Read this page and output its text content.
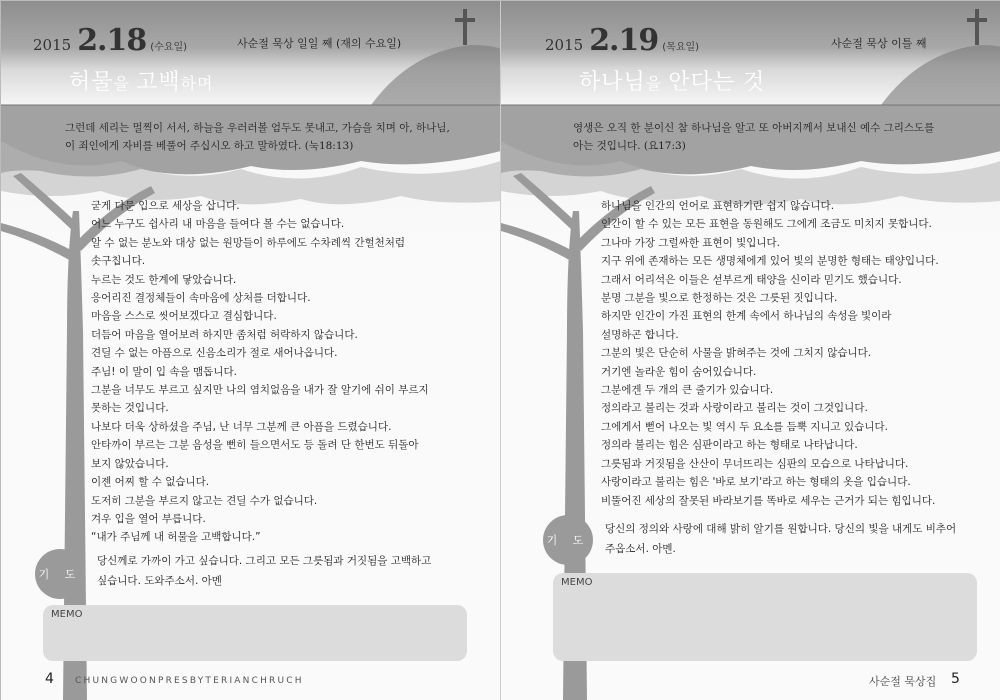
2015 2.18 (수요일)	사순절 묵상 일일 째 (재의 수요일)
허물을 고백하며
그런데 세리는 멀찍이 서서, 하늘을 우러러볼 엄두도 못내고, 가슴을 치며 아, 하나님,
이 죄인에게 자비를 베풀어 주십시오 하고 말하였다. (눅18:13)
굳게 다문 입으로 세상을 삽니다.
어느 누구도 쉽사리 내 마음을 들여다 볼 수는 없습니다.
알 수 없는 분노와 대상 없는 원망들이 하루에도 수차례씩 간헐천처럼
솟구칩니다.
누르는 것도 한계에 닿았습니다.
응어리진 결정체들이 속마음에 상처를 더합니다.
마음을 스스로 씻어보겠다고 결심합니다.
더듬어 마음을 열어보려 하지만 좀처럼 허락하지 않습니다.
견딜 수 없는 아픔으로 신음소리가 절로 새어나옵니다.
주님! 이 말이 입 속을 맴돕니다.
그분을 너무도 부르고 싶지만 나의 염치없음을 내가 잘 알기에 쉬이 부르지
못하는 것입니다.
나보다 더욱 상하셨을 주님, 난 너무 그분께 큰 아픔을 드렸습니다.
안타까이 부르는 그분 음성을 뻔히 들으면서도 등 돌려 단 한번도 뒤돌아
보지 않았습니다.
이젠 어찌 할 수 없습니다.
도저히 그분을 부르지 않고는 견딜 수가 없습니다.
겨우 입을 열어 부릅니다.
“내가 주님께 내 허물을 고백합니다.”
기 도
당신께로 가까이 가고 싶습니다. 그리고 모든 그릇됨과 거짓됨을 고백하고
싶습니다. 도와주소서. 아멘
MEMO
4 CHUNGWOONPRESBYTERIANCHRUCH
2015 2.19 (목요일)	사순절 묵상 이틀 째
하나님을 안다는 것
영생은 오직 한 분이신 참 하나님을 알고 또 아버지께서 보내신 예수 그리스도를
아는 것입니다. (요17:3)
하나님을 인간의 언어로 표현하기란 쉽지 않습니다.
인간이 할 수 있는 모든 표현을 동원해도 그에게 조금도 미치지 못합니다.
그나마 가장 그럴싸한 표현이 빛입니다.
지구 위에 존재하는 모든 생명체에게 있어 빛의 분명한 형태는 태양입니다.
그래서 어리석은 이들은 섣부르게 태양을 신이라 믿기도 했습니다.
분명 그분을 빛으로 한정하는 것은 그릇된 짓입니다.
하지만 인간이 가진 표현의 한계 속에서 하나님의 속성을 빛이라
설명하곤 합니다.
그분의 빛은 단순히 사물을 밝혀주는 것에 그치지 않습니다.
거기엔 놀라운 힘이 숨어있습니다.
그분에겐 두 개의 큰 줄기가 있습니다.
정의라고 불리는 것과 사랑이라고 불리는 것이 그것입니다.
그에게서 뻗어 나오는 빛 역시 두 요소를 듬뿍 지니고 있습니다.
정의라 불리는 힘은 심판이라고 하는 형태로 나타납니다.
그릇됨과 거짓됨을 산산이 무너뜨리는 심판의 모습으로 나타납니다.
사랑이라고 불리는 힘은 '바로 보기'라고 하는 형태의 옷을 입습니다.
비뚤어진 세상의 잘못된 바라보기를 똑바로 세우는 근거가 되는 힘입니다.
기 도
당신의 정의와 사랑에 대해 밝히 알기를 원합니다. 당신의 빛을 내게도 비추어
주옵소서. 아멘.
MEMO
사순절 묵상집 5
